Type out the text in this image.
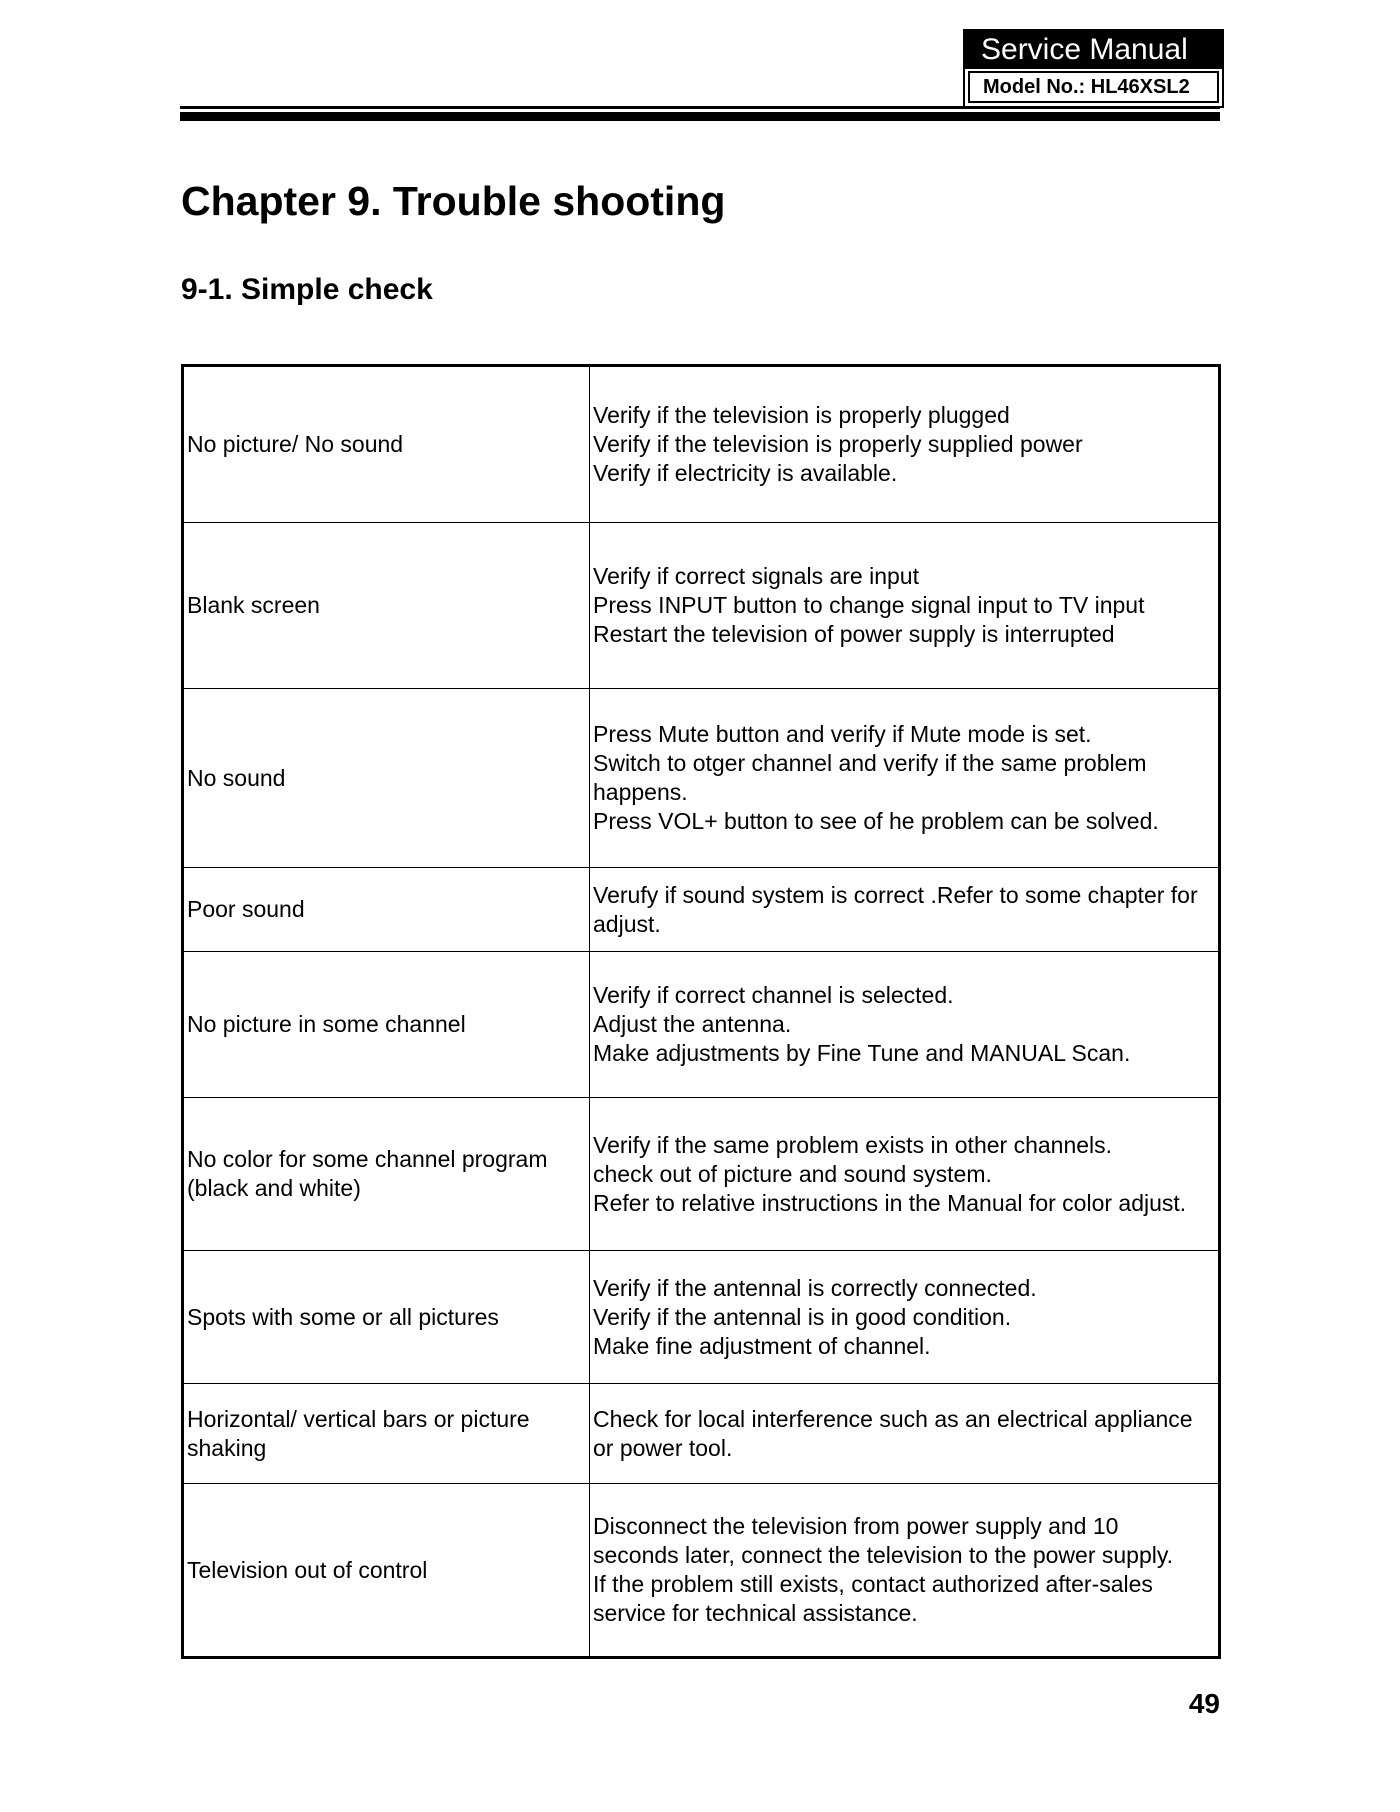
Service Manual
Model No.: HL46XSL2
Chapter 9. Trouble shooting
9-1. Simple check
No picture/ No sound	Verify if the television is properly plugged
Verify if the television is properly supplied power
Verify if electricity is available.

Blank screen	Verify if correct signals are input
Press INPUT button to change signal input to TV input
Restart the television of power supply is interrupted

No sound	Press Mute button and verify if Mute mode is set.
Switch to otger channel and verify if the same problem
happens.
Press VOL+ button to see of he problem can be solved.

Poor sound	Verufy if sound system is correct .Refer to some chapter for
adjust.

No picture in some channel	Verify if correct channel is selected.
Adjust the antenna.
Make adjustments by Fine Tune and MANUAL Scan.

No color for some channel program
(black and white)	Verify if the same problem exists in other channels.
check out of picture and sound system.
Refer to relative instructions in the Manual for color adjust.

Spots with some or all pictures	Verify if the antennal is correctly connected.
Verify if the antennal is in good condition.
Make fine adjustment of channel.

Horizontal/ vertical bars or picture
shaking	Check for local interference such as an electrical appliance
or power tool.

Television out of control	Disconnect the television from power supply and 10
seconds later, connect the television to the power supply.
If the problem still exists, contact authorized after-sales
service for technical assistance.
49
